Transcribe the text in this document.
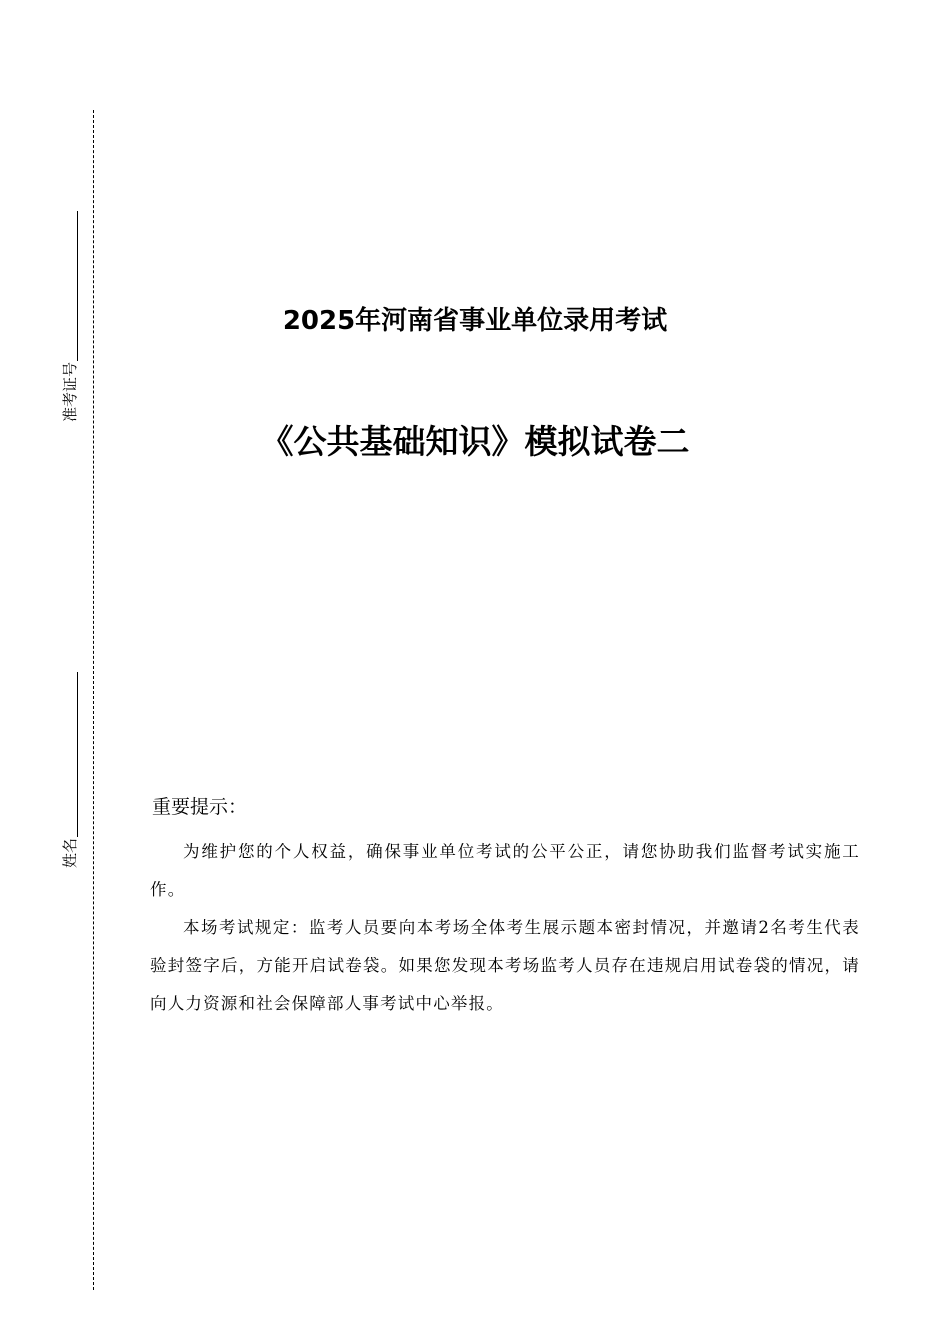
准考证号
姓名
2025年河南省事业单位录用考试
《公共基础知识》模拟试卷二
重要提示：

为维护您的个人权益，确保事业单位考试的公平公正，请您协助我们监督考试实施工作。

本场考试规定：监考人员要向本考场全体考生展示题本密封情况，并邀请2名考生代表验封签字后，方能开启试卷袋。如果您发现本考场监考人员存在违规启用试卷袋的情况，请向人力资源和社会保障部人事考试中心举报。
